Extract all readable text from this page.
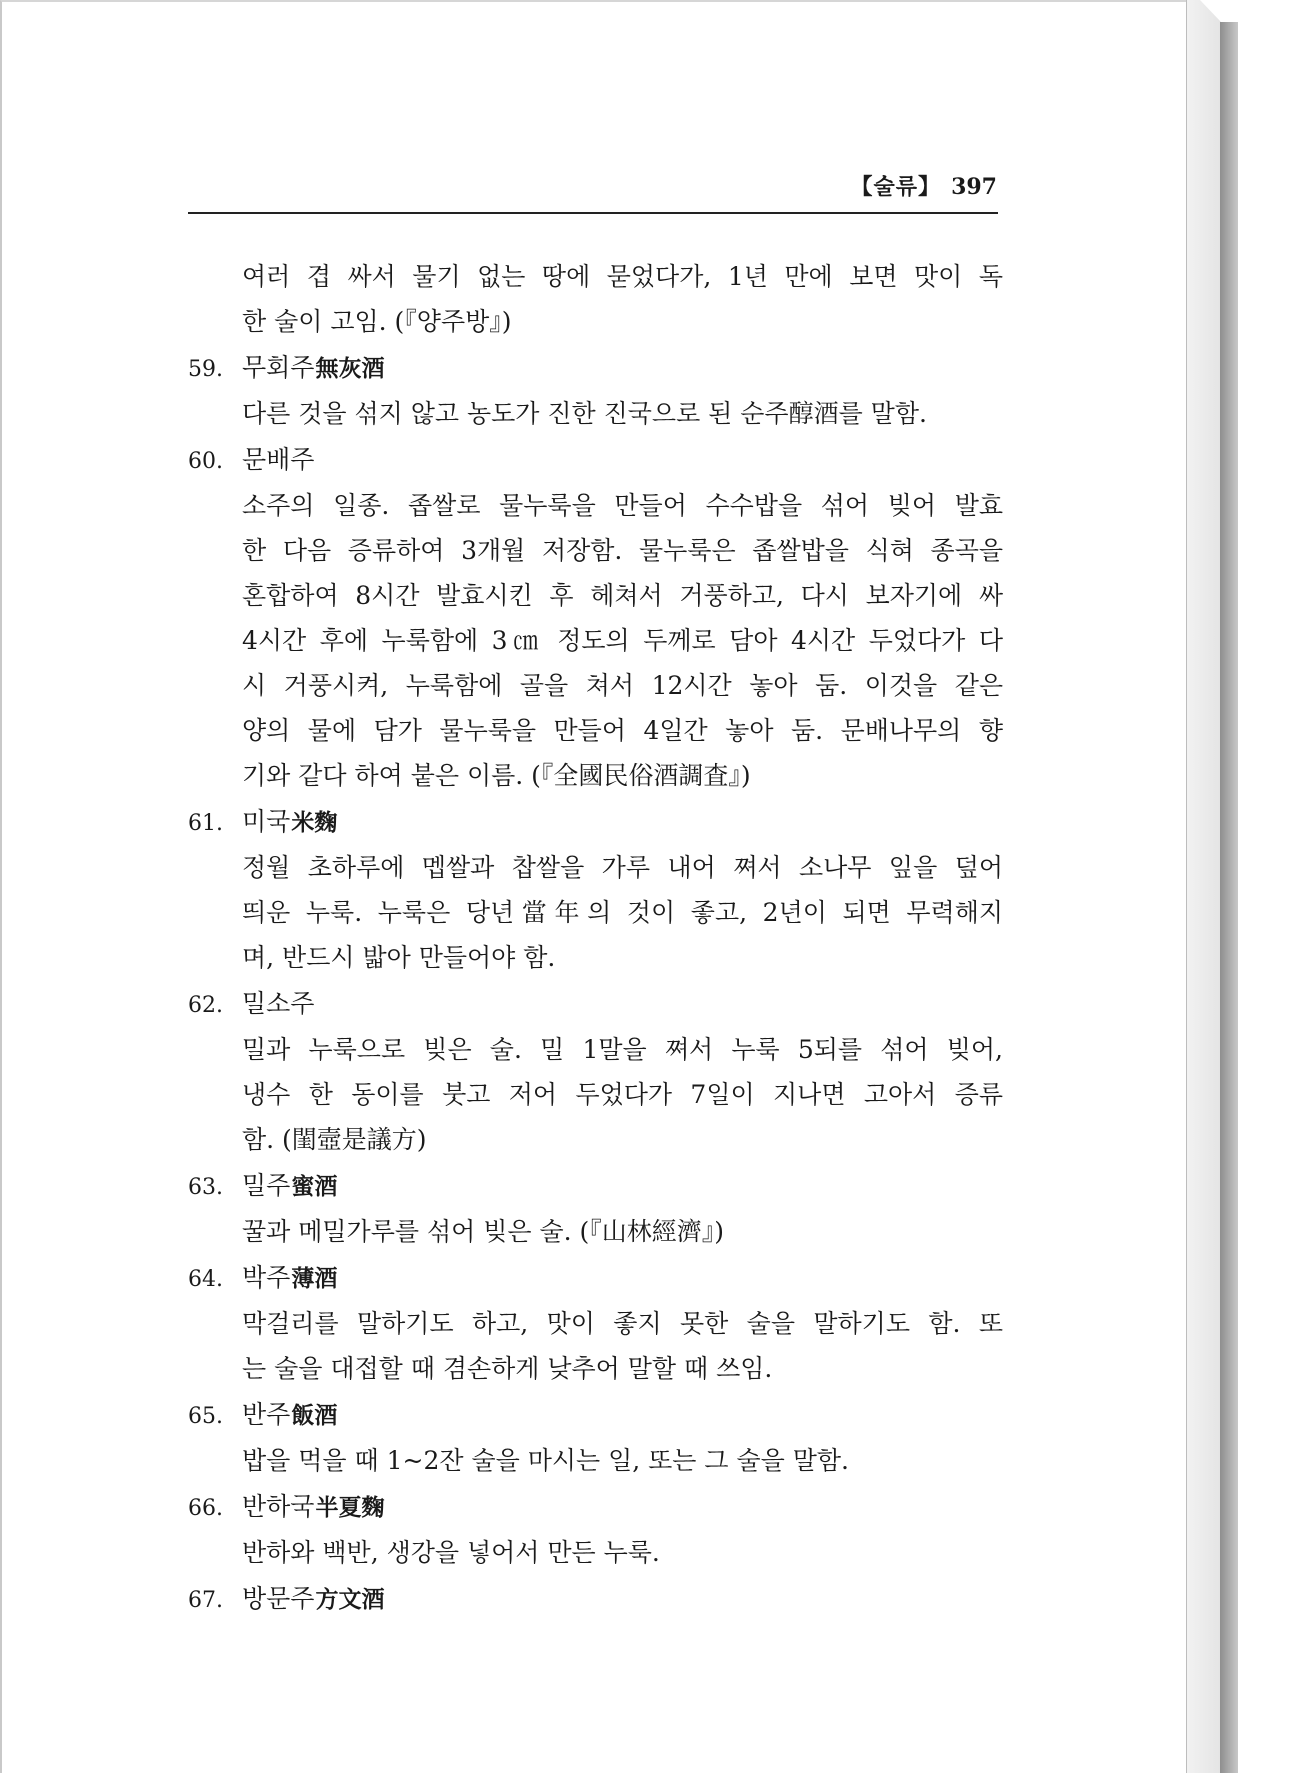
【술류】 397
여러 겹 싸서 물기 없는 땅에 묻었다가, 1년 만에 보면 맛이 독
한 술이 고임. (『양주방』)
59. 무회주無灰酒
다른 것을 섞지 않고 농도가 진한 진국으로 된 순주醇酒를 말함.
60. 문배주
소주의 일종. 좁쌀로 물누룩을 만들어 수수밥을 섞어 빚어 발효
한 다음 증류하여 3개월 저장함. 물누룩은 좁쌀밥을 식혀 종곡을
혼합하여 8시간 발효시킨 후 헤쳐서 거풍하고, 다시 보자기에 싸
4시간 후에 누룩함에 3㎝ 정도의 두께로 담아 4시간 두었다가 다
시 거풍시켜, 누룩함에 골을 쳐서 12시간 놓아 둠. 이것을 같은
양의 물에 담가 물누룩을 만들어 4일간 놓아 둠. 문배나무의 향
기와 같다 하여 붙은 이름. (『全國民俗酒調査』)
61. 미국米麴
정월 초하루에 멥쌀과 찹쌀을 가루 내어 쪄서 소나무 잎을 덮어
띄운 누룩. 누룩은 당년當年의 것이 좋고, 2년이 되면 무력해지
며, 반드시 밟아 만들어야 함.
62. 밀소주
밀과 누룩으로 빚은 술. 밀 1말을 쪄서 누룩 5되를 섞어 빚어,
냉수 한 동이를 붓고 저어 두었다가 7일이 지나면 고아서 증류
함. (閨壼是議方)
63. 밀주蜜酒
꿀과 메밀가루를 섞어 빚은 술. (『山林經濟』)
64. 박주薄酒
막걸리를 말하기도 하고, 맛이 좋지 못한 술을 말하기도 함. 또
는 술을 대접할 때 겸손하게 낮추어 말할 때 쓰임.
65. 반주飯酒
밥을 먹을 때 1~2잔 술을 마시는 일, 또는 그 술을 말함.
66. 반하국半夏麴
반하와 백반, 생강을 넣어서 만든 누룩.
67. 방문주方文酒
